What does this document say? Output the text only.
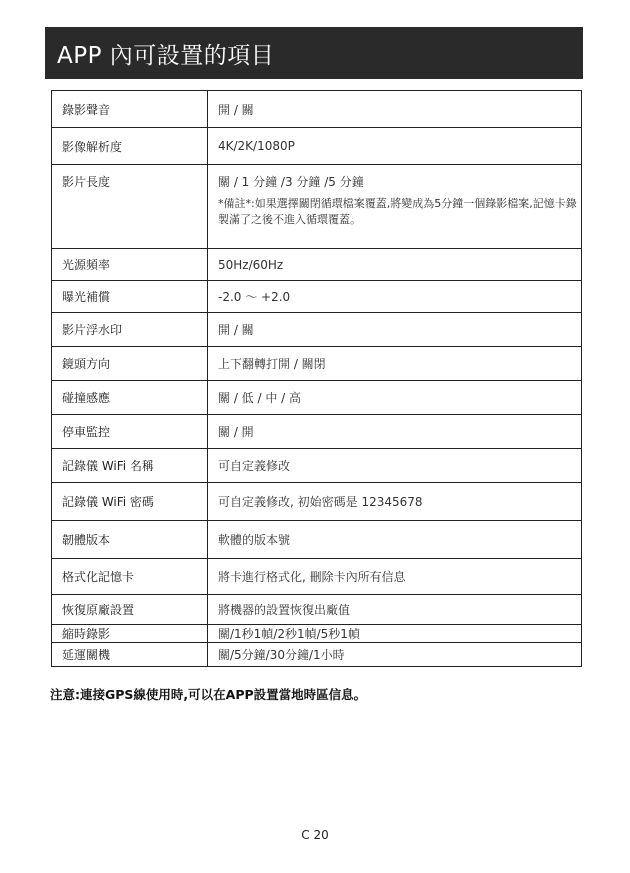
APP 內可設置的項目
錄影聲音	開 / 關
影像解析度	4K/2K/1080P
影片長度	關 / 1 分鐘 /3 分鐘 /5 分鐘
*備註*:如果選擇關閉循環檔案覆蓋,將變成為5分鐘一個錄影檔案,記憶卡錄製滿了之後不進入循環覆蓋。

光源頻率	50Hz/60Hz
曝光補償	-2.0 ～ +2.0
影片浮水印	開 / 關
鏡頭方向	上下翻轉打開 / 關閉
碰撞感應	關 / 低 / 中 / 高
停車監控	關 / 開
記錄儀 WiFi 名稱	可自定義修改
記錄儀 WiFi 密碼	可自定義修改, 初始密碼是 12345678
韌體版本	軟體的版本號
格式化記憶卡	將卡進行格式化, 刪除卡內所有信息
恢復原廠設置	將機器的設置恢復出廠值
縮時錄影	關/1秒1幀/2秒1幀/5秒1幀
延運關機	關/5分鐘/30分鐘/1小時
注意:連接GPS線使用時,可以在APP設置當地時區信息。
C 20
